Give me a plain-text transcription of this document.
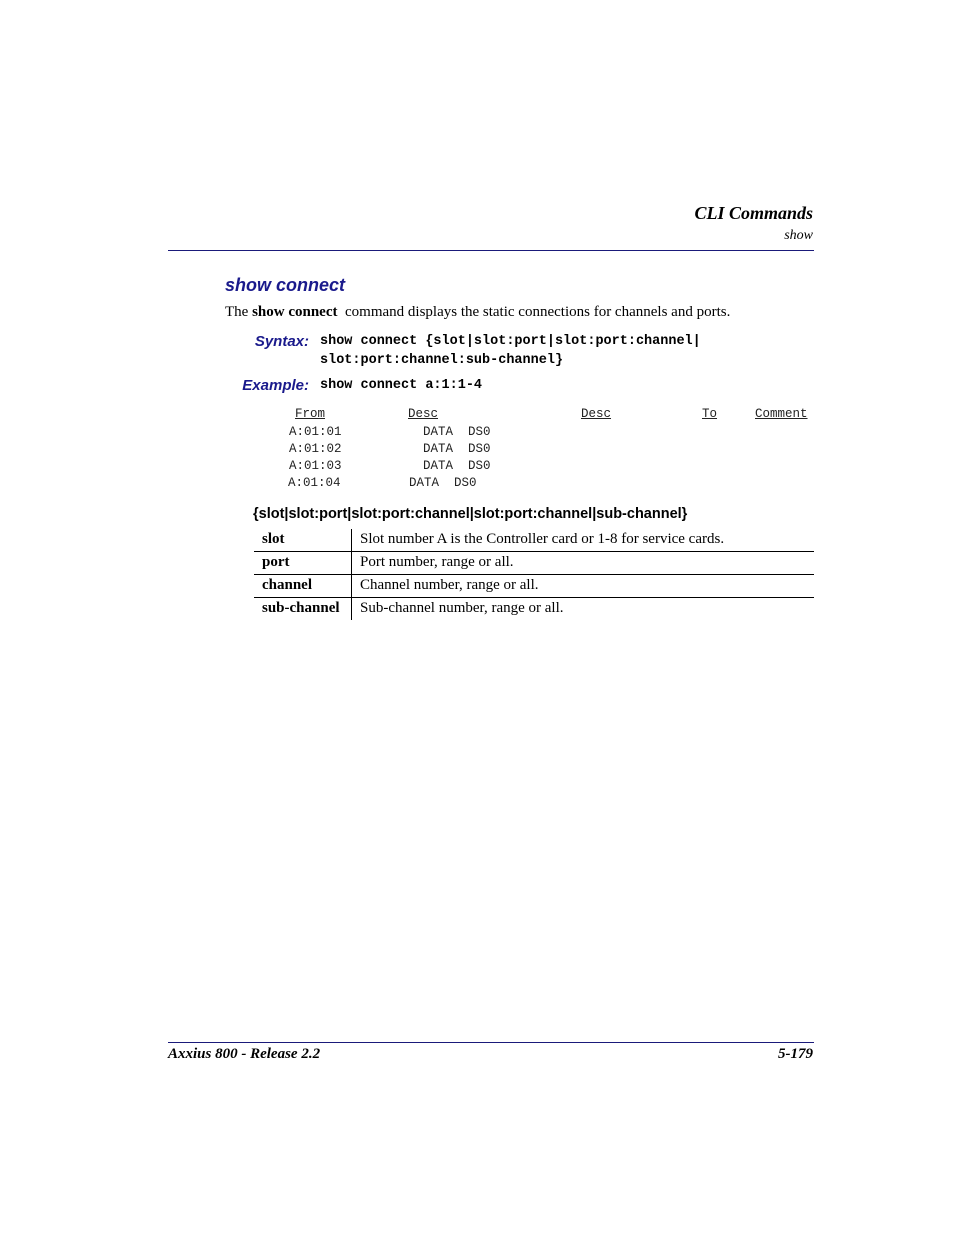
CLI Commands
show
show connect
The show connect command displays the static connections for channels and ports.
Syntax: show connect {slot|slot:port|slot:port:channel|
slot:port:channel:sub-channel}
Example: show connect a:1:1-4
From	Desc	Desc	To	Comment
A:01:01	DATA  DS0
A:01:02	DATA  DS0
A:01:03	DATA  DS0
A:01:04	DATA  DS0
{slot|slot:port|slot:port:channel|slot:port:channel|sub-channel}
slot	Slot number A is the Controller card or 1-8 for service cards.
port	Port number, range or all.
channel	Channel number, range or all.
sub-channel	Sub-channel number, range or all.
Axxius 800 - Release 2.2	5-179
